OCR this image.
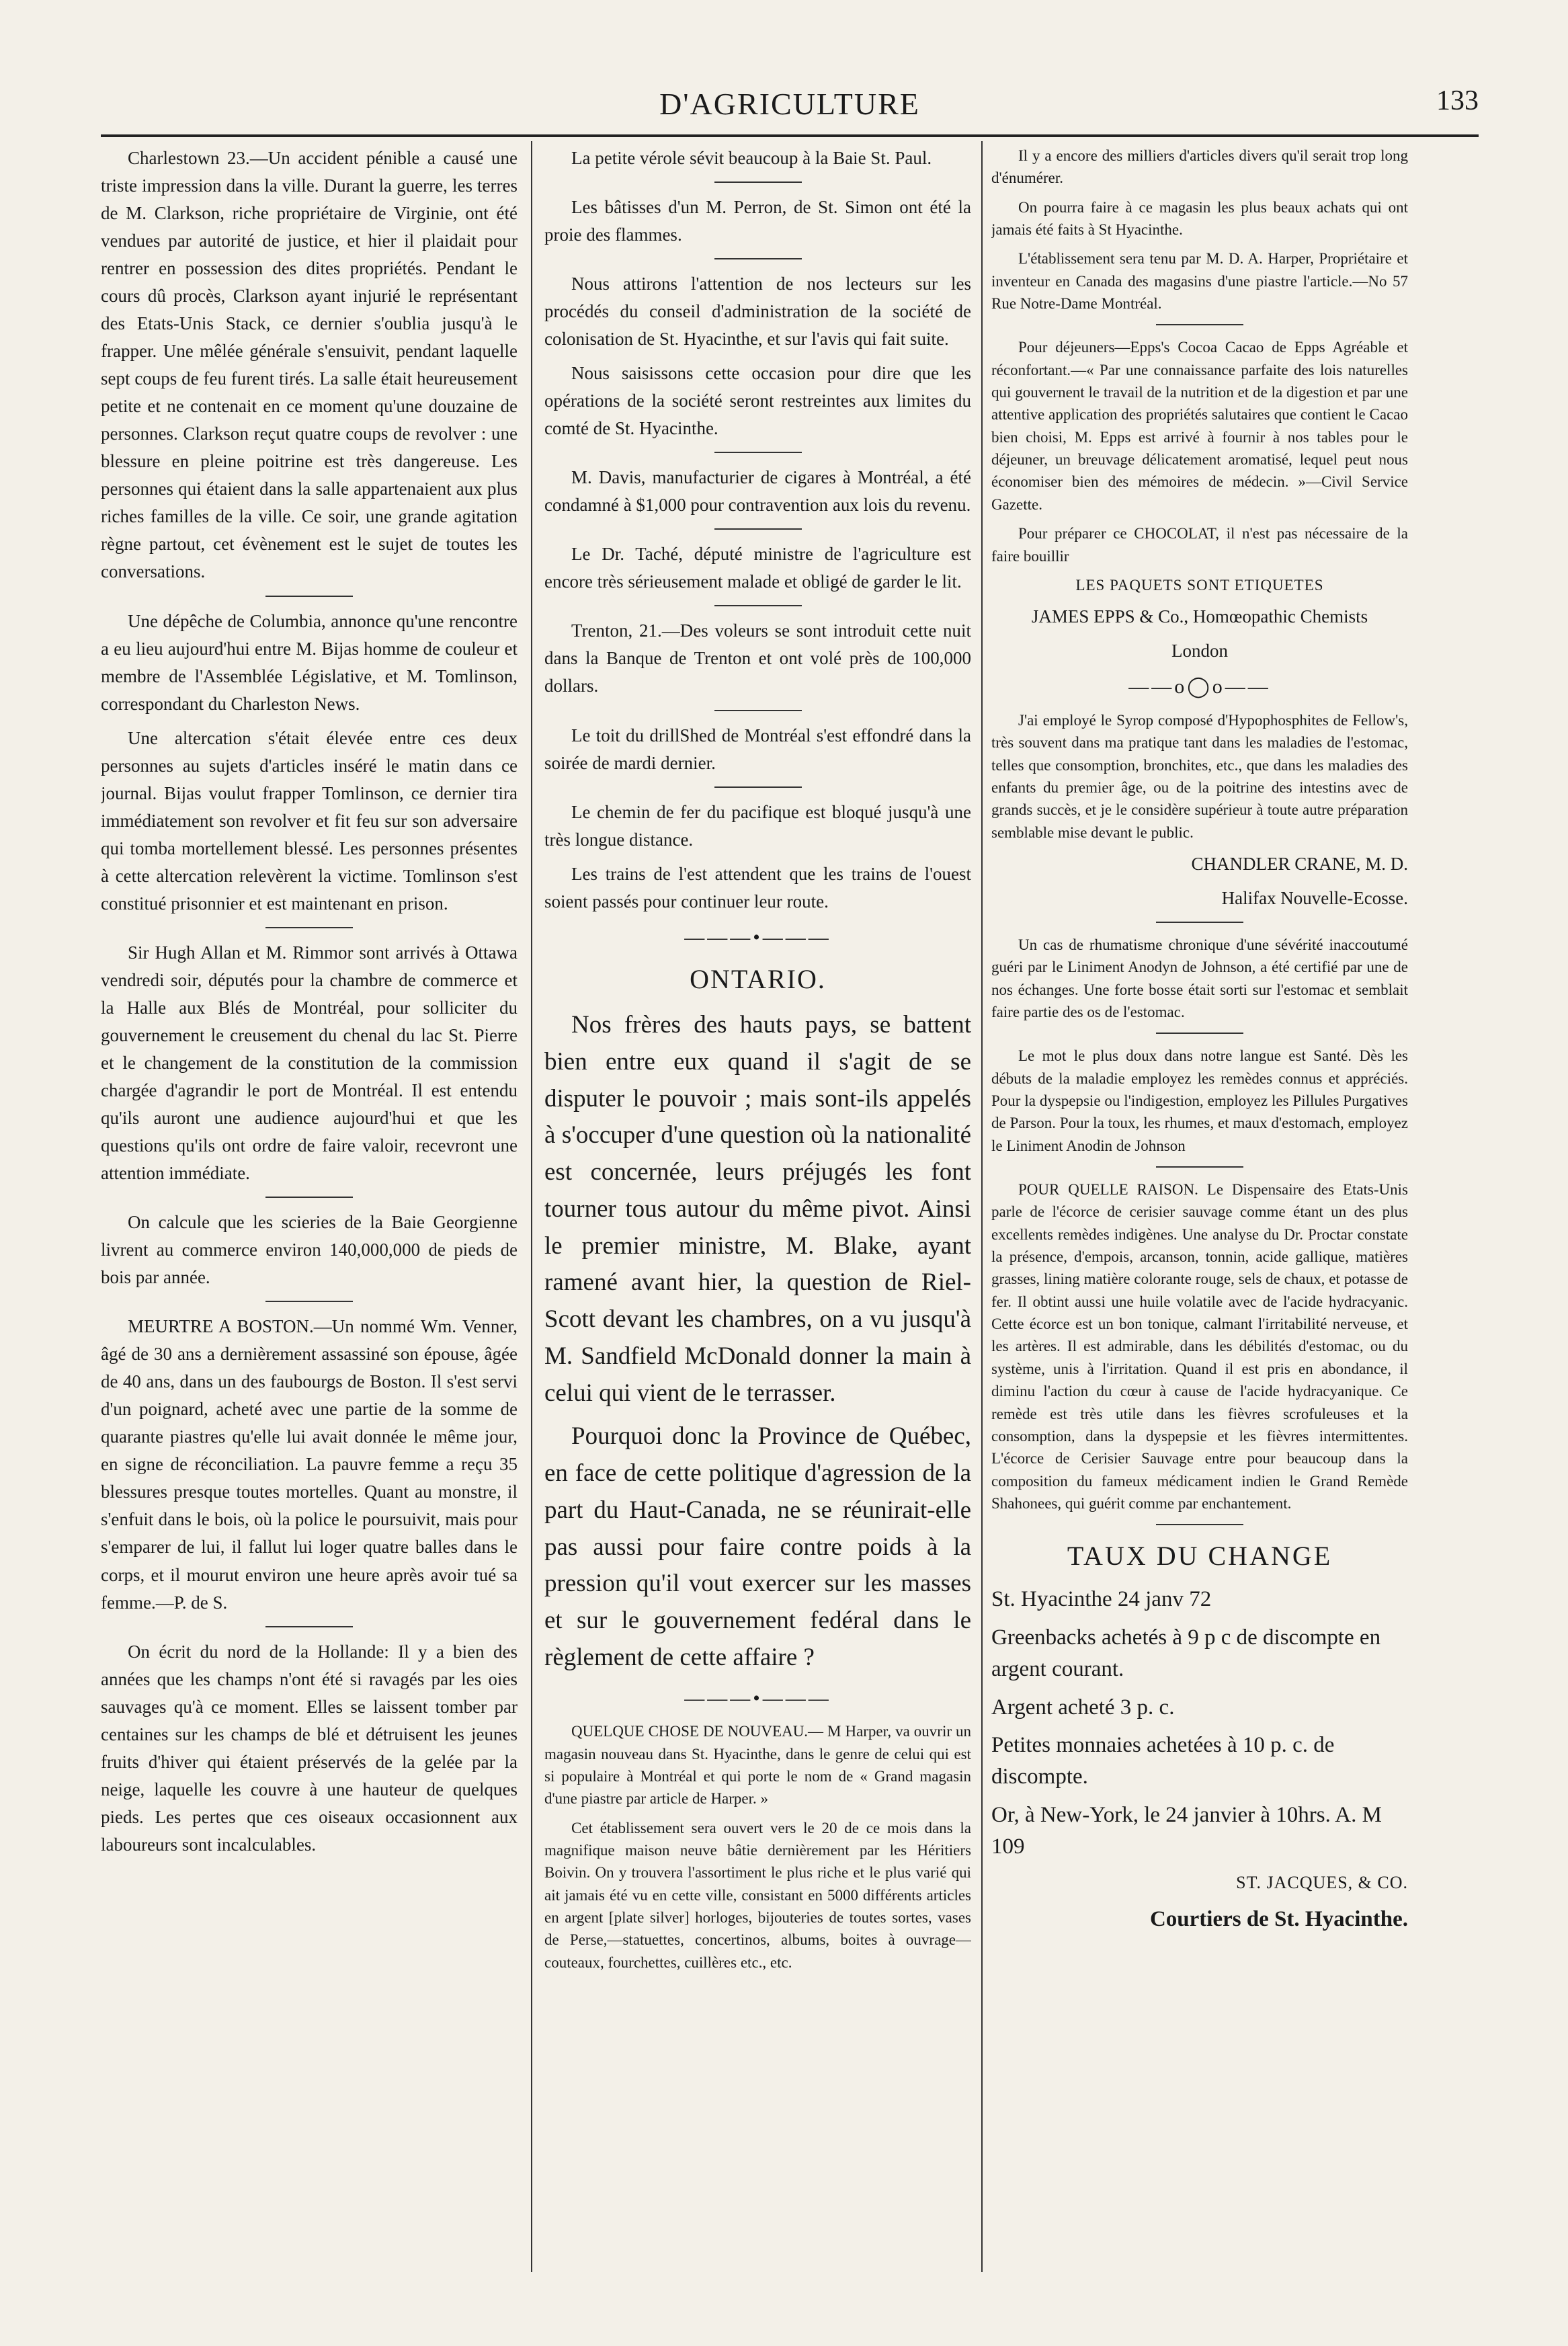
D'AGRICULTURE	133

Charlestown 23.—Un accident pénible a causé une triste impression dans la ville. Durant la guerre, les terres de M. Clarkson, riche propriétaire de Virginie, ont été vendues par autorité de justice, et hier il plaidait pour rentrer en possession des dites propriétés. Pendant le cours dû procès, Clarkson ayant injurié le représentant des Etats-Unis Stack, ce dernier s'oublia jusqu'à le frapper. Une mêlée générale s'ensuivit, pendant laquelle sept coups de feu furent tirés. La salle était heureusement petite et ne contenait en ce moment qu'une douzaine de personnes. Clarkson reçut quatre coups de revolver : une blessure en pleine poitrine est très dangereuse. Les personnes qui étaient dans la salle appartenaient aux plus riches familles de la ville. Ce soir, une grande agitation règne partout, cet évènement est le sujet de toutes les conversations.

Une dépêche de Columbia, annonce qu'une rencontre a eu lieu aujourd'hui entre M. Bijas homme de couleur et membre de l'Assemblée Législative, et M. Tomlinson, correspondant du Charleston News.

Une altercation s'était élevée entre ces deux personnes au sujets d'articles inséré le matin dans ce journal. Bijas voulut frapper Tomlinson, ce dernier tira immédiatement son revolver et fit feu sur son adversaire qui tomba mortellement blessé. Les personnes présentes à cette altercation relevèrent la victime. Tomlinson s'est constitué prisonnier et est maintenant en prison.

Sir Hugh Allan et M. Rimmor sont arrivés à Ottawa vendredi soir, députés pour la chambre de commerce et la Halle aux Blés de Montréal, pour solliciter du gouvernement le creusement du chenal du lac St. Pierre et le changement de la constitution de la commission chargée d'agrandir le port de Montréal. Il est entendu qu'ils auront une audience aujourd'hui et que les questions qu'ils ont ordre de faire valoir, recevront une attention immédiate.

On calcule que les scieries de la Baie Georgienne livrent au commerce environ 140,000,000 de pieds de bois par année.

MEURTRE A BOSTON.—Un nommé Wm. Venner, âgé de 30 ans a dernièrement assassiné son épouse, âgée de 40 ans, dans un des faubourgs de Boston. Il s'est servi d'un poignard, acheté avec une partie de la somme de quarante piastres qu'elle lui avait donnée le même jour, en signe de réconciliation. La pauvre femme a reçu 35 blessures presque toutes mortelles. Quant au monstre, il s'enfuit dans le bois, où la police le poursuivit, mais pour s'emparer de lui, il fallut lui loger quatre balles dans le corps, et il mourut environ une heure après avoir tué sa femme.—P. de S.

On écrit du nord de la Hollande: Il y a bien des années que les champs n'ont été si ravagés par les oies sauvages qu'à ce moment. Elles se laissent tomber par centaines sur les champs de blé et détruisent les jeunes fruits d'hiver qui étaient préservés de la gelée par la neige, laquelle les couvre à une hauteur de quelques pieds. Les pertes que ces oiseaux occasionnent aux laboureurs sont incalculables.

La petite vérole sévit beaucoup à la Baie St. Paul.

Les bâtisses d'un M. Perron, de St. Simon ont été la proie des flammes.

Nous attirons l'attention de nos lecteurs sur les procédés du conseil d'administration de la société de colonisation de St. Hyacinthe, et sur l'avis qui fait suite.

Nous saisissons cette occasion pour dire que les opérations de la société seront restreintes aux limites du comté de St. Hyacinthe.

M. Davis, manufacturier de cigares à Montréal, a été condamné à $1,000 pour contravention aux lois du revenu.

Le Dr. Taché, député ministre de l'agriculture est encore très sérieusement malade et obligé de garder le lit.

Trenton, 21.—Des voleurs se sont introduit cette nuit dans la Banque de Trenton et ont volé près de 100,000 dollars.

Le toit du drillShed de Montréal s'est effondré dans la soirée de mardi dernier.

Le chemin de fer du pacifique est bloqué jusqu'à une très longue distance.

Les trains de l'est attendent que les trains de l'ouest soient passés pour continuer leur route.

———•———

ONTARIO.

Nos frères des hauts pays, se battent bien entre eux quand il s'agit de se disputer le pouvoir ; mais sont-ils appelés à s'occuper d'une question où la nationalité est concernée, leurs préjugés les font tourner tous autour du même pivot. Ainsi le premier ministre, M. Blake, ayant ramené avant hier, la question de Riel-Scott devant les chambres, on a vu jusqu'à M. Sandfield McDonald donner la main à celui qui vient de le terrasser.

Pourquoi donc la Province de Québec, en face de cette politique d'agression de la part du Haut-Canada, ne se réunirait-elle pas aussi pour faire contre poids à la pression qu'il vout exercer sur les masses et sur le gouvernement fedéral dans le règlement de cette affaire ?

———•———

QUELQUE CHOSE DE NOUVEAU.— M Harper, va ouvrir un magasin nouveau dans St. Hyacinthe, dans le genre de celui qui est si populaire à Montréal et qui porte le nom de « Grand magasin d'une piastre par article de Harper. »

Cet établissement sera ouvert vers le 20 de ce mois dans la magnifique maison neuve bâtie dernièrement par les Héritiers Boivin. On y trouvera l'assortiment le plus riche et le plus varié qui ait jamais été vu en cette ville, consistant en 5000 différents articles en argent [plate silver] horloges, bijouteries de toutes sortes, vases de Perse,—statuettes, concertinos, albums, boites à ouvrage—couteaux, fourchettes, cuillères etc., etc.

Il y a encore des milliers d'articles divers qu'il serait trop long d'énumérer.

On pourra faire à ce magasin les plus beaux achats qui ont jamais été faits à St Hyacinthe.

L'établissement sera tenu par M. D. A. Harper, Propriétaire et inventeur en Canada des magasins d'une piastre l'article.—No 57 Rue Notre-Dame Montréal.

Pour déjeuners—Epps's Cocoa Cacao de Epps Agréable et réconfortant.—« Par une connaissance parfaite des lois naturelles qui gouvernent le travail de la nutrition et de la digestion et par une attentive application des propriétés salutaires que contient le Cacao bien choisi, M. Epps est arrivé à fournir à nos tables pour le déjeuner, un breuvage délicatement aromatisé, lequel peut nous économiser bien des mémoires de médecin. »—Civil Service Gazette.

Pour préparer ce CHOCOLAT, il n'est pas nécessaire de la faire bouillir

LES PAQUETS SONT ETIQUETES

JAMES EPPS & Co., Homœopathic Chemists

London

——o◯o——

J'ai employé le Syrop composé d'Hypophosphites de Fellow's, très souvent dans ma pratique tant dans les maladies de l'estomac, telles que consomption, bronchites, etc., que dans les maladies des enfants du premier âge, ou de la poitrine des intestins avec de grands succès, et je le considère supérieur à toute autre préparation semblable mise devant le public.

CHANDLER CRANE, M. D.

Halifax Nouvelle-Ecosse.

Un cas de rhumatisme chronique d'une sévérité inaccoutumé guéri par le Liniment Anodyn de Johnson, a été certifié par une de nos échanges. Une forte bosse était sorti sur l'estomac et semblait faire partie des os de l'estomac.

Le mot le plus doux dans notre langue est Santé. Dès les débuts de la maladie employez les remèdes connus et appréciés. Pour la dyspepsie ou l'indigestion, employez les Pillules Purgatives de Parson. Pour la toux, les rhumes, et maux d'estomach, employez le Liniment Anodin de Johnson

POUR QUELLE RAISON. Le Dispensaire des Etats-Unis parle de l'écorce de cerisier sauvage comme étant un des plus excellents remèdes indigènes. Une analyse du Dr. Proctar constate la présence, d'empois, arcanson, tonnin, acide gallique, matières grasses, lining matière colorante rouge, sels de chaux, et potasse de fer. Il obtint aussi une huile volatile avec de l'acide hydracyanic. Cette écorce est un bon tonique, calmant l'irritabilité nerveuse, et les artères. Il est admirable, dans les débilités d'estomac, ou du système, unis à l'irritation. Quand il est pris en abondance, il diminu l'action du cœur à cause de l'acide hydracyanique. Ce remède est très utile dans les fièvres scrofuleuses et la consomption, dans la dyspepsie et les fièvres intermittentes. L'écorce de Cerisier Sauvage entre pour beaucoup dans la composition du fameux médicament indien le Grand Remède Shahonees, qui guérit comme par enchantement.

TAUX DU CHANGE

St. Hyacinthe 24 janv 72

Greenbacks achetés à 9 p c de discompte en argent courant.

Argent acheté 3 p. c.

Petites monnaies achetées à 10 p. c. de discompte.

Or, à New-York, le 24 janvier à 10hrs. A. M 109

ST. JACQUES, & CO.

Courtiers de St. Hyacinthe.
